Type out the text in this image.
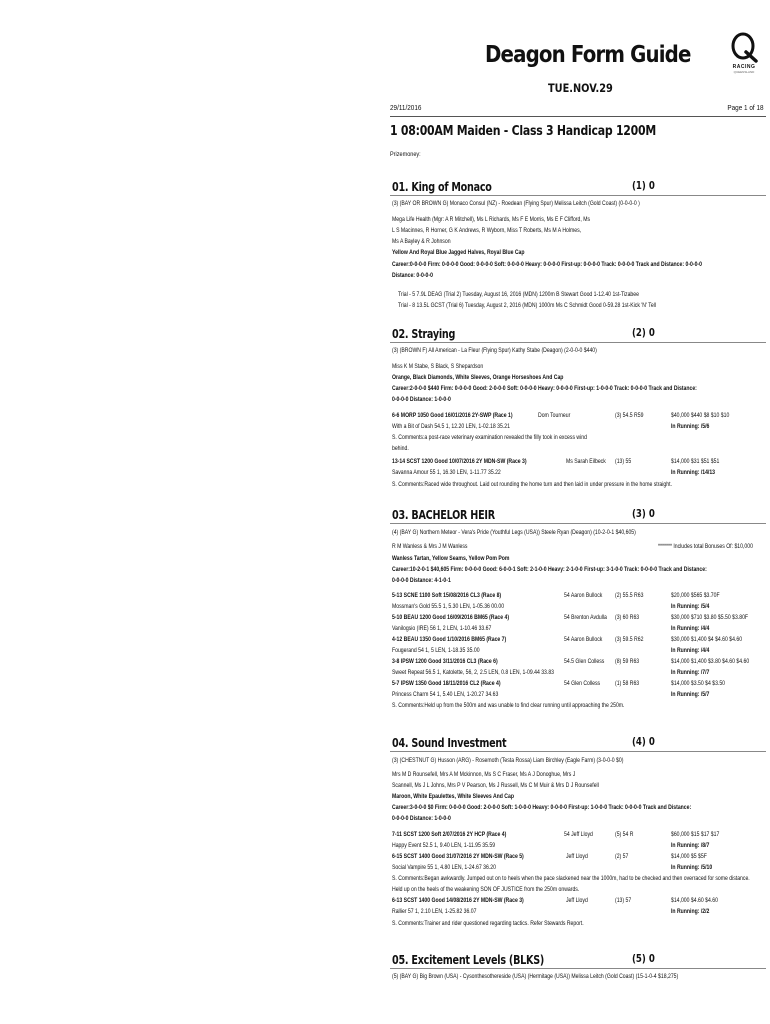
Deagon Form Guide	RACING
QUEENSLAND
TUE.NOV.29
29/11/2016	Page 1 of 18
1 08:00AM Maiden - Class 3 Handicap 1200M
Prizemoney:
01. King of Monaco	(1) 0
(3) (BAY OR BROWN G) Monaco Consul (NZ) - Roedean (Flying Spur) Melissa Leitch (Gold Coast) (0-0-0-0 )
Mega Life Health (Mgr: A R Mitchell), Ms L Richards, Ms F E Morris, Ms E F Clifford, Ms
L S Macinnes, R Horner, G K Andrews, R Wyborn, Miss T Roberts, Ms M A Holmes,
Ms A Bayley & R Johnson
Yellow And Royal Blue Jagged Halves, Royal Blue Cap
Career:0-0-0-0 Firm: 0-0-0-0 Good: 0-0-0-0 Soft: 0-0-0-0 Heavy: 0-0-0-0 First-up: 0-0-0-0 Track: 0-0-0-0 Track and Distance: 0-0-0-0
Distance: 0-0-0-0
Trial - 5 7.9L DEAG (Trial 2) Tuesday, August 16, 2016 (MDN) 1200m B Stewart Good 1-12.40 1st-Tizabee
Trial - 8 13.5L GCST (Trial 6) Tuesday, August 2, 2016 (MDN) 1000m Ms C Schmidt Good 0-59.28 1st-Kick 'N' Tell
02. Straying	(2) 0
(3) (BROWN F) All American - La Fleur (Flying Spur) Kathy Stabe (Deagon) (2-0-0-0 $440)
Miss K M Stabe, S Black, S Shepardson
Orange, Black Diamonds, White Sleeves, Orange Horseshoes And Cap
Career:2-0-0-0 $440 Firm: 0-0-0-0 Good: 2-0-0-0 Soft: 0-0-0-0 Heavy: 0-0-0-0 First-up: 1-0-0-0 Track: 0-0-0-0 Track and Distance:
0-0-0-0 Distance: 1-0-0-0
6-6 MORP 1050 Good 16/01/2016 2Y-SWP (Race 1)	Dom Tourneur	(3) 54.5 R59	$40,000 $440 $8 $10 $10
With a Bit of Dash 54.5 1, 12.20 LEN, 1-02.18 35.21	In Running: /5/6
S. Comments:a post-race veterinary examination revealed the filly took in excess wind
behind.
13-14 SCST 1200 Good 10/07/2016 2Y MDN-SW (Race 3)	Ms Sarah Eilbeck (13) 55	$14,000 $31 $51 $51
Savanna Amour 55 1, 16.30 LEN, 1-11.77 35.22	In Running: /14/13
S. Comments:Raced wide throughout. Laid out rounding the home turn and then laid in under pressure in the home straight.
03. BACHELOR HEIR	(3) 0
(4) (BAY G) Northern Meteor - Vera's Pride (Youthful Legs (USA)) Steele Ryan (Deagon) (10-2-0-1 $40,605)
R M Wanless & Mrs J M Wanless	******* Includes total Bonuses Of: $10,000
Wanless Tartan, Yellow Seams, Yellow Pom Pom
Career:10-2-0-1 $40,605 Firm: 0-0-0-0 Good: 6-0-0-1 Soft: 2-1-0-0 Heavy: 2-1-0-0 First-up: 3-1-0-0 Track: 0-0-0-0 Track and Distance:
0-0-0-0 Distance: 4-1-0-1
5-13 SCNE 1100 Soft 15/08/2016 CL3 (Race 8)	54 Aaron Bullock (2) 55.5 R63	$20,000 $565 $3.70F
Mossman's Gold 55.5 1, 5.30 LEN, 1-05.36 00.00	In Running: /5/4
5-10 BEAU 1200 Good 16/09/2016 BM65 (Race 4)	54 Brenton Avdulla (3) 60 R63	$30,000 $710 $3.80 $5.50 $3.80F
Vanilogsio (IRE) 56 1, 2 LEN, 1-10.46 33.67	In Running: /4/4
4-12 BEAU 1350 Good 1/10/2016 BM65 (Race 7)	54 Aaron Bullock (3) 59.5 R62	$30,000 $1,400 $4 $4.60 $4.60
Fougerand 54 1, 5 LEN, 1-18.35 35.00	In Running: /4/4
3-8 IPSW 1200 Good 3/11/2016 CL3 (Race 6)	54.5 Glen Colless (8) 59 R63	$14,000 $1,400 $3.80 $4.60 $4.60
Sweet Repeat 56.5 1, Katolette, 56, 2, 2.5 LEN, 0.8 LEN, 1-09.44 33.83	In Running: /7/7
5-7 IPSW 1350 Good 18/11/2016 CL2 (Race 4)	54 Glen Colless (1) 58 R63	$14,000 $3.50 $4 $3.50
Princess Charm 54 1, 5.40 LEN, 1-20.27 34.63	In Running: /5/7
S. Comments:Held up from the 500m and was unable to find clear running until approaching the 250m.
04. Sound Investment	(4) 0
(3) (CHESTNUT G) Husson (ARG) - Rosemoth (Testa Rossa) Liam Birchley (Eagle Farm) (3-0-0-0 $0)
Mrs M D Rounsefell, Mrs A M Mckinnon, Ms S C Fraser, Ms A J Donoghue, Mrs J
Scannell, Ms J L Johns, Mrs P V Pearson, Ms J Russell, Ms C M Muir & Mrs D J Rounsefell
Maroon, White Epaulettes, White Sleeves And Cap
Career:3-0-0-0 $0 Firm: 0-0-0-0 Good: 2-0-0-0 Soft: 1-0-0-0 Heavy: 0-0-0-0 First-up: 1-0-0-0 Track: 0-0-0-0 Track and Distance:
0-0-0-0 Distance: 1-0-0-0
7-11 SCST 1200 Soft 2/07/2016 2Y HCP (Race 4)	54 Jeff Lloyd	(5) 54 R	$60,000 $15 $17 $17
Happy Event 52.5 1, 9.40 LEN, 1-11.95 35.59	In Running: /8/7
6-15 SCST 1400 Good 31/07/2016 2Y MDN-SW (Race 5)	Jeff Lloyd	(2) 57	$14,000 $5 $5F
Social Vampire 55 1, 4.80 LEN, 1-24.67 36.20	In Running: /5/10
S. Comments:Began awkwardly. Jumped out on to heels when the pace slackened near the 1000m, had to be checked and then overraced for some distance.
Held up on the heels of the weakening SON OF JUSTICE from the 250m onwards.
6-13 SCST 1400 Good 14/08/2016 2Y MDN-SW (Race 3)	Jeff Lloyd	(13) 57	$14,000 $4.60 $4.60
Rallier 57 1, 2.10 LEN, 1-25.82 36.07	In Running: /2/2
S. Comments:Trainer and rider questioned regarding tactics. Refer Stewards Report.
05. Excitement Levels (BLKS)	(5) 0
(5) (BAY G) Big Brown (USA) - Cysonthesothereside (USA) (Hermitage (USA)) Melissa Leitch (Gold Coast) (15-1-0-4 $18,275)
